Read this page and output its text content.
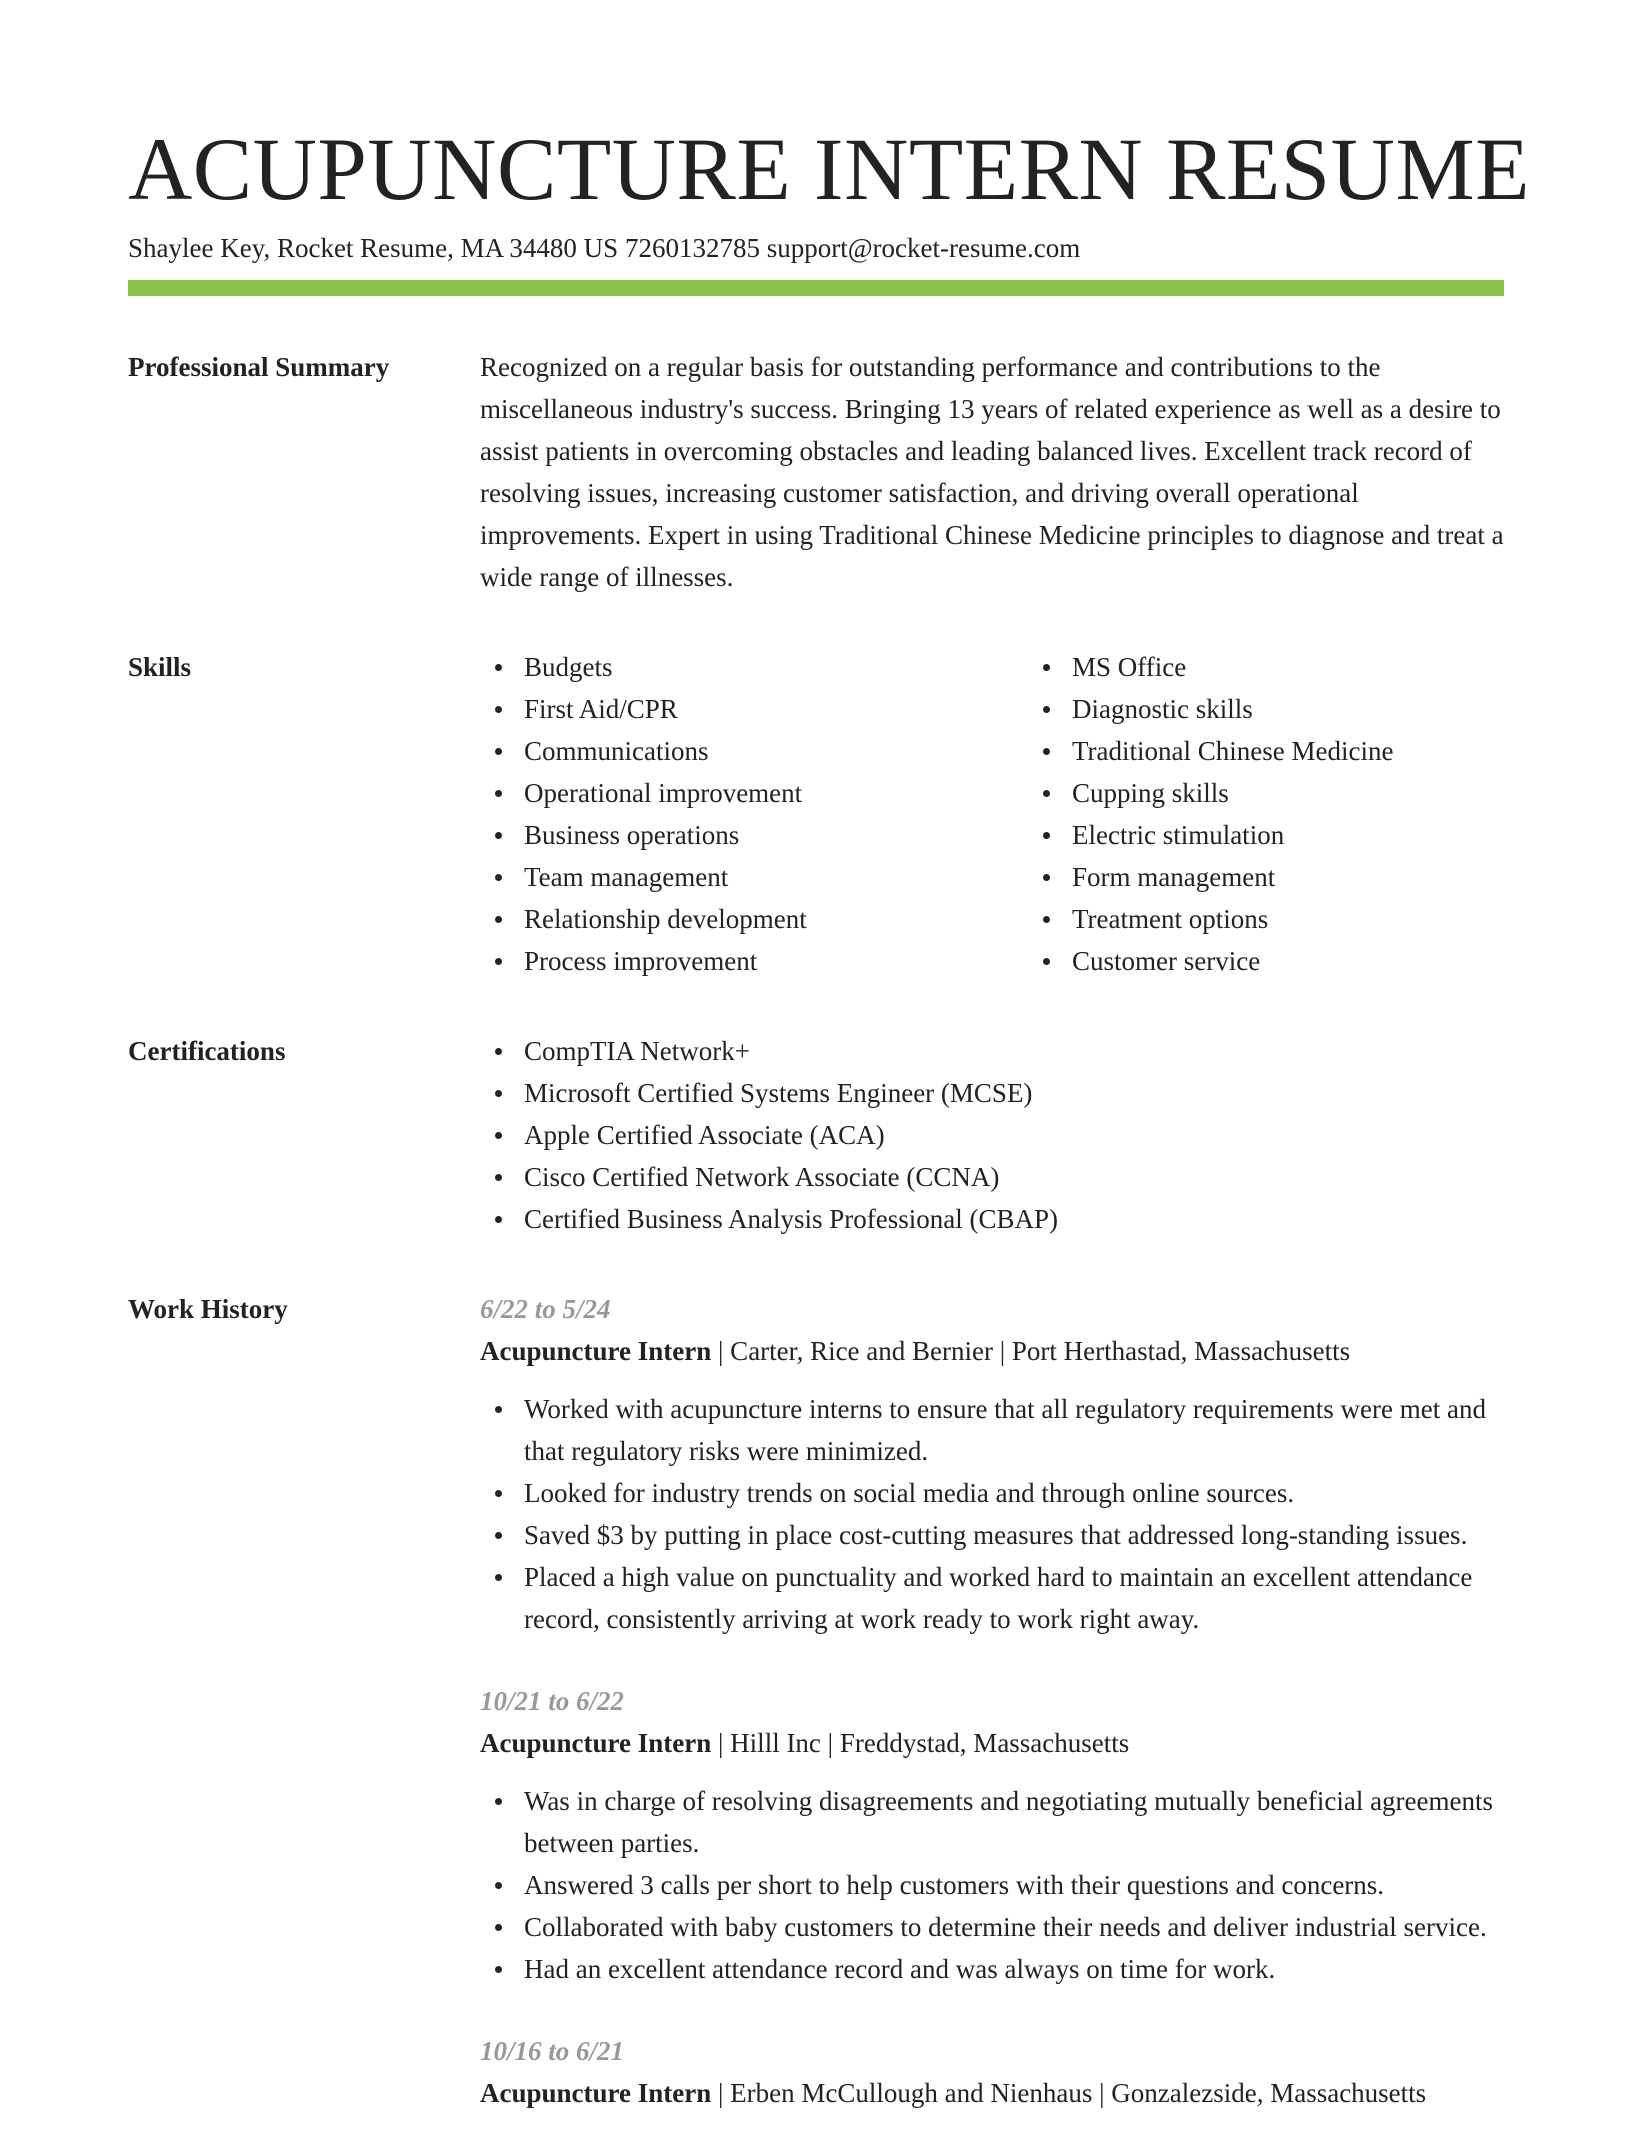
ACUPUNCTURE INTERN RESUME
Shaylee Key, Rocket Resume, MA 34480 US 7260132785 support@rocket-resume.com
Professional Summary	Recognized on a regular basis for outstanding performance and contributions to the miscellaneous industry's success. Bringing 13 years of related experience as well as a desire to assist patients in overcoming obstacles and leading balanced lives. Excellent track record of resolving issues, increasing customer satisfaction, and driving overall operational improvements. Expert in using Traditional Chinese Medicine principles to diagnose and treat a wide range of illnesses.

Skills	Budgets
First Aid/CPR
Communications
Operational improvement
Business operations
Team management
Relationship development
Process improvement
MS Office
Diagnostic skills
Traditional Chinese Medicine
Cupping skills
Electric stimulation
Form management
Treatment options
Customer service
Certifications	CompTIA Network+
Microsoft Certified Systems Engineer (MCSE)
Apple Certified Associate (ACA)
Cisco Certified Network Associate (CCNA)
Certified Business Analysis Professional (CBAP)
Work History	6/22 to 5/24
Acupuncture Intern | Carter, Rice and Bernier | Port Herthastad, Massachusetts
Worked with acupuncture interns to ensure that all regulatory requirements were met and that regulatory risks were minimized.
Looked for industry trends on social media and through online sources.
Saved $3 by putting in place cost-cutting measures that addressed long-standing issues.
Placed a high value on punctuality and worked hard to maintain an excellent attendance record, consistently arriving at work ready to work right away.
10/21 to 6/22
Acupuncture Intern | Hilll Inc | Freddystad, Massachusetts
Was in charge of resolving disagreements and negotiating mutually beneficial agreements between parties.
Answered 3 calls per short to help customers with their questions and concerns.
Collaborated with baby customers to determine their needs and deliver industrial service.
Had an excellent attendance record and was always on time for work.
10/16 to 6/21
Acupuncture Intern | Erben McCullough and Nienhaus | Gonzalezside, Massachusetts
